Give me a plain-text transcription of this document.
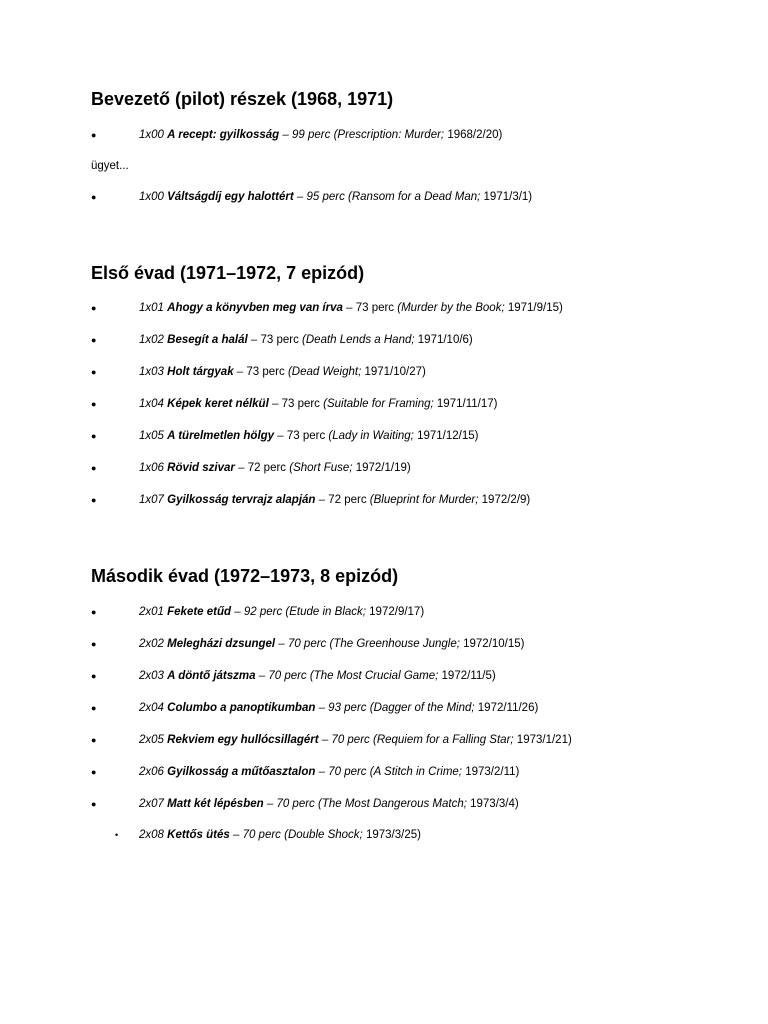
Bevezető (pilot) részek (1968, 1971)
●	1x00 A recept: gyilkosság – 99 perc (Prescription: Murder; 1968/2/20)
ügyet...
●	1x00 Váltságdíj egy halottért – 95 perc (Ransom for a Dead Man; 1971/3/1)
Első évad (1971–1972, 7 epizód)
●	1x01 Ahogy a könyvben meg van írva – 73 perc (Murder by the Book; 1971/9/15)
●	1x02 Besegít a halál – 73 perc (Death Lends a Hand; 1971/10/6)
●	1x03 Holt tárgyak – 73 perc (Dead Weight; 1971/10/27)
●	1x04 Képek keret nélkül – 73 perc (Suitable for Framing; 1971/11/17)
●	1x05 A türelmetlen hölgy – 73 perc (Lady in Waiting; 1971/12/15)
●	1x06 Rövid szivar – 72 perc (Short Fuse; 1972/1/19)
●	1x07 Gyilkosság tervrajz alapján – 72 perc (Blueprint for Murder; 1972/2/9)
Második évad (1972–1973, 8 epizód)
●	2x01 Fekete etűd – 92 perc (Etude in Black; 1972/9/17)
●	2x02 Melegházi dzsungel – 70 perc (The Greenhouse Jungle; 1972/10/15)
●	2x03 A döntő játszma – 70 perc (The Most Crucial Game; 1972/11/5)
●	2x04 Columbo a panoptikumban – 93 perc (Dagger of the Mind; 1972/11/26)
●	2x05 Rekviem egy hullócsillagért – 70 perc (Requiem for a Falling Star; 1973/1/21)
●	2x06 Gyilkosság a műtőasztalon – 70 perc (A Stitch in Crime; 1973/2/11)
●	2x07 Matt két lépésben – 70 perc (The Most Dangerous Match; 1973/3/4)
• 2x08 Kettős ütés – 70 perc (Double Shock; 1973/3/25)
